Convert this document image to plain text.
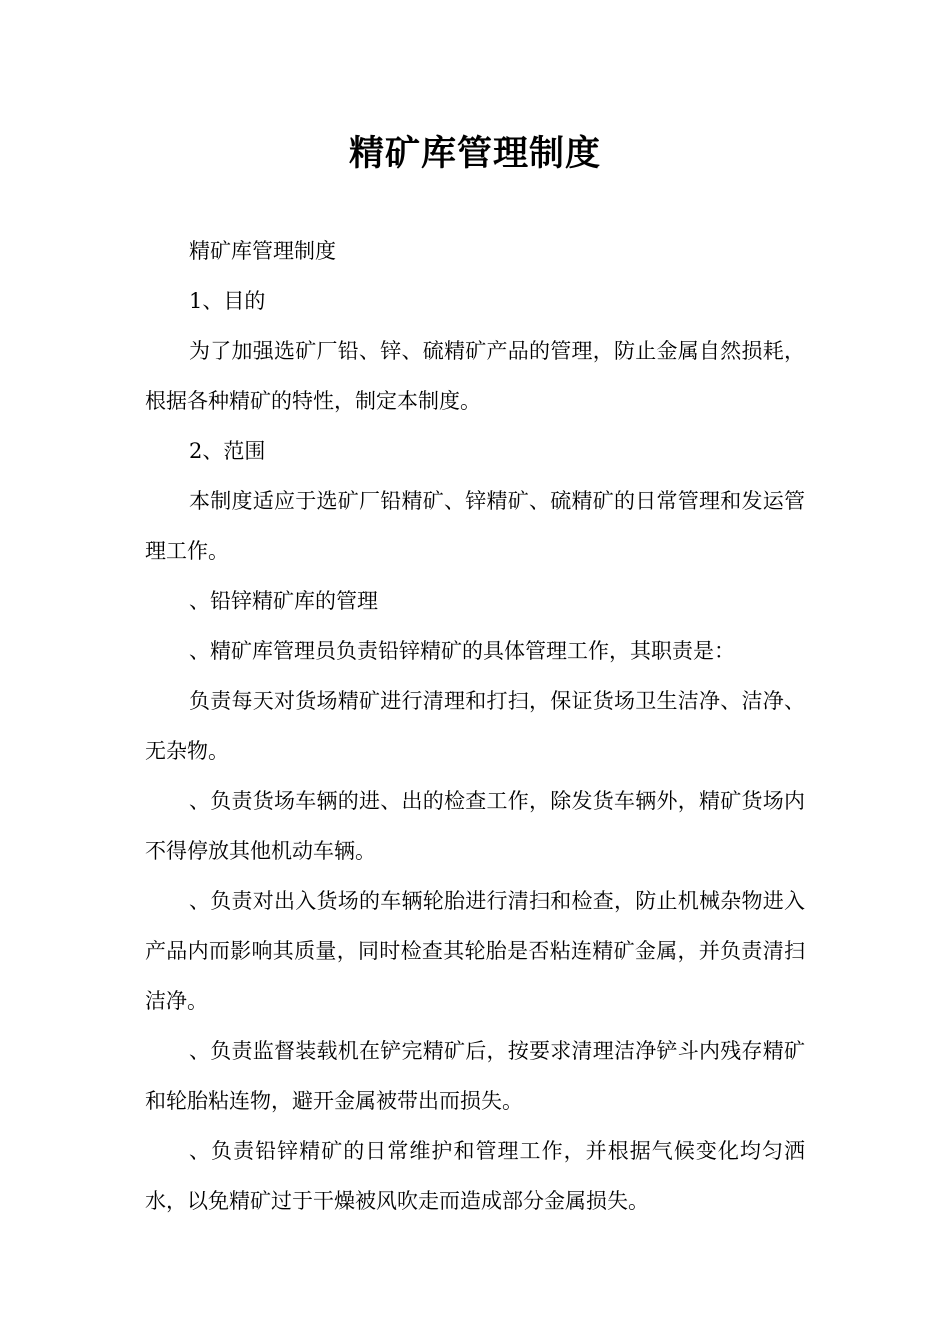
精矿库管理制度

精矿库管理制度

1、目的

为了加强选矿厂铅、锌、硫精矿产品的管理，防止金属自然损耗，根据各种精矿的特性，制定本制度。

2、范围

本制度适应于选矿厂铅精矿、锌精矿、硫精矿的日常管理和发运管理工作。

、铅锌精矿库的管理

、精矿库管理员负责铅锌精矿的具体管理工作，其职责是：

负责每天对货场精矿进行清理和打扫，保证货场卫生洁净、洁净、无杂物。

、负责货场车辆的进、出的检查工作，除发货车辆外，精矿货场内不得停放其他机动车辆。

、负责对出入货场的车辆轮胎进行清扫和检查，防止机械杂物进入产品内而影响其质量，同时检查其轮胎是否粘连精矿金属，并负责清扫洁净。

、负责监督装载机在铲完精矿后，按要求清理洁净铲斗内残存精矿和轮胎粘连物，避开金属被带出而损失。

、负责铅锌精矿的日常维护和管理工作，并根据气候变化均匀洒水，以免精矿过于干燥被风吹走而造成部分金属损失。
